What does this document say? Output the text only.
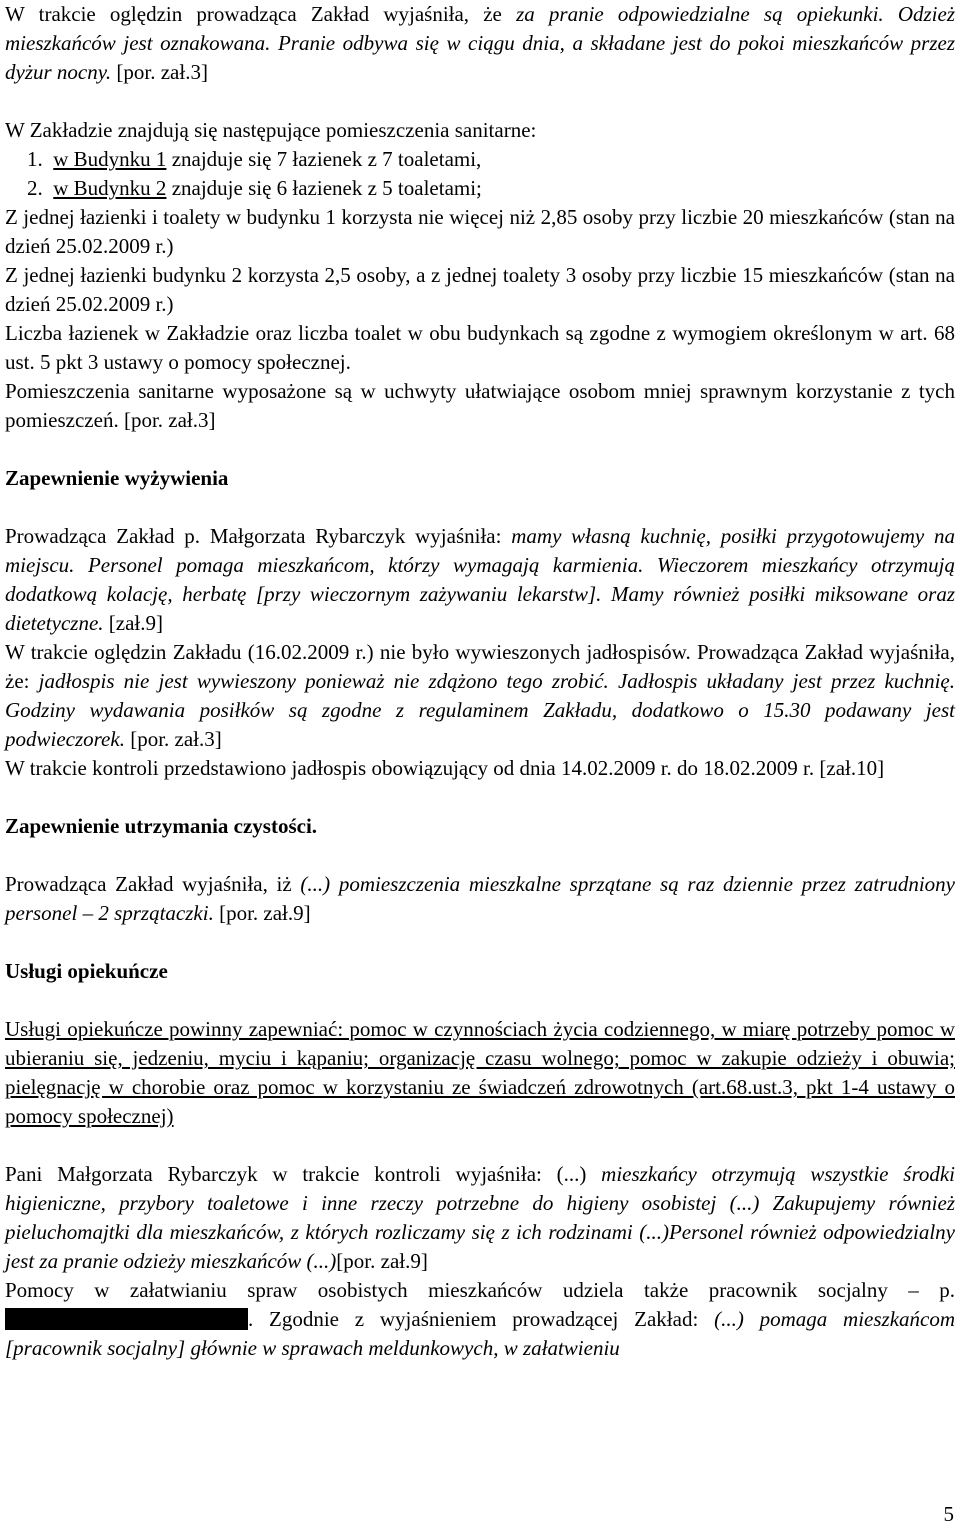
W trakcie oględzin prowadząca Zakład wyjaśniła, że za pranie odpowiedzialne są opiekunki. Odzież mieszkańców jest oznakowana. Pranie odbywa się w ciągu dnia, a składane jest do pokoi mieszkańców przez dyżur nocny. [por. zał.3]

W Zakładzie znajdują się następujące pomieszczenia sanitarne:

1. w Budynku 1 znajduje się 7 łazienek z 7 toaletami,

2. w Budynku 2 znajduje się 6 łazienek z 5 toaletami;

Z jednej łazienki i toalety w budynku 1 korzysta nie więcej niż 2,85 osoby przy liczbie 20 mieszkańców (stan na dzień 25.02.2009 r.)

Z jednej łazienki budynku 2 korzysta 2,5 osoby, a z jednej toalety 3 osoby przy liczbie 15 mieszkańców (stan na dzień 25.02.2009 r.)

Liczba łazienek w Zakładzie oraz liczba toalet w obu budynkach są zgodne z wymogiem określonym w art. 68 ust. 5 pkt 3 ustawy o pomocy społecznej.

Pomieszczenia sanitarne wyposażone są w uchwyty ułatwiające osobom mniej sprawnym korzystanie z tych pomieszczeń. [por. zał.3]

Zapewnienie wyżywienia

Prowadząca Zakład p. Małgorzata Rybarczyk wyjaśniła: mamy własną kuchnię, posiłki przygotowujemy na miejscu. Personel pomaga mieszkańcom, którzy wymagają karmienia. Wieczorem mieszkańcy otrzymują dodatkową kolację, herbatę [przy wieczornym zażywaniu lekarstw]. Mamy również posiłki miksowane oraz dietetyczne. [zał.9]

W trakcie oględzin Zakładu (16.02.2009 r.) nie było wywieszonych jadłospisów. Prowadząca Zakład wyjaśniła, że: jadłospis nie jest wywieszony ponieważ nie zdążono tego zrobić. Jadłospis układany jest przez kuchnię. Godziny wydawania posiłków są zgodne z regulaminem Zakładu, dodatkowo o 15.30 podawany jest podwieczorek. [por. zał.3]

W trakcie kontroli przedstawiono jadłospis obowiązujący od dnia 14.02.2009 r. do 18.02.2009 r. [zał.10]

Zapewnienie utrzymania czystości.

Prowadząca Zakład wyjaśniła, iż (...) pomieszczenia mieszkalne sprzątane są raz dziennie przez zatrudniony personel – 2 sprzątaczki. [por. zał.9]

Usługi opiekuńcze

Usługi opiekuńcze powinny zapewniać: pomoc w czynnościach życia codziennego, w miarę potrzeby pomoc w ubieraniu się, jedzeniu, myciu i kąpaniu; organizację czasu wolnego; pomoc w zakupie odzieży i obuwia; pielęgnację w chorobie oraz pomoc w korzystaniu ze świadczeń zdrowotnych (art.68.ust.3, pkt 1-4 ustawy o pomocy społecznej)

Pani Małgorzata Rybarczyk w trakcie kontroli wyjaśniła: (...) mieszkańcy otrzymują wszystkie środki higieniczne, przybory toaletowe i inne rzeczy potrzebne do higieny osobistej (...) Zakupujemy również pieluchomajtki dla mieszkańców, z których rozliczamy się z ich rodzinami (...)Personel również odpowiedzialny jest za pranie odzieży mieszkańców (...)[por. zał.9]

Pomocy w załatwianiu spraw osobistych mieszkańców udziela także pracownik socjalny – p. . Zgodnie z wyjaśnieniem prowadzącej Zakład: (...) pomaga mieszkańcom [pracownik socjalny] głównie w sprawach meldunkowych, w załatwieniu

5
